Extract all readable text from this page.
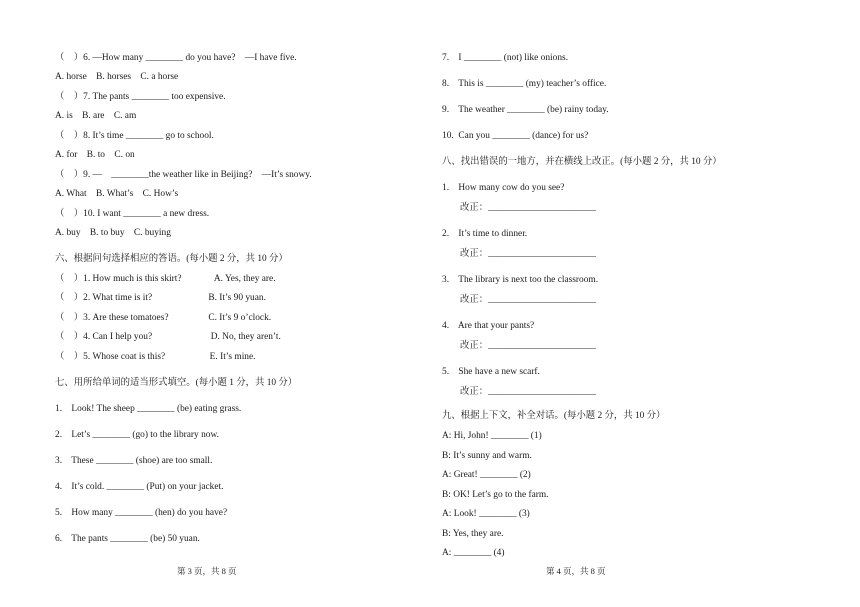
（    ）6. —How many ________ do you have?    —I have five.
A. horse    B. horses    C. a horse
（    ）7. The pants ________ too expensive.
A. is    B. are    C. am
（    ）8. It’s time ________ go to school.
A. for    B. to    C. on
（    ）9. —    ________the weather like in Beijing?    —It’s snowy.
A. What    B. What’s    C. How’s
（    ）10. I want ________ a new dress.
A. buy    B. to buy    C. buying
六、根据问句选择相应的答语。(每小题 2 分，共 10 分）
（    ）1. How much is this skirt?              A. Yes, they are.
（    ）2. What time is it?                        B. It’s 90 yuan.
（    ）3. Are these tomatoes?                 C. It’s 9 o’clock.
（    ）4. Can I help you?                         D. No, they aren’t.
（    ）5. Whose coat is this?                   E. It’s mine.
七、用所给单词的适当形式填空。(每小题 1 分，共 10 分）
1.    Look! The sheep ________ (be) eating grass.
2.    Let’s ________ (go) to the library now.
3.    These ________ (shoe) are too small.
4.    It’s cold. ________ (Put) on your jacket.
5.    How many ________ (hen) do you have?
6.    The pants ________ (be) 50 yuan.
第 3 页，共 8 页
7.    I ________ (not) like onions.
8.    This is ________ (my) teacher’s office.
9.    The weather ________ (be) rainy today.
10.  Can you ________ (dance) for us?
八、找出错误的一地方，并在横线上改正。(每小题 2 分，共 10 分）
1.    How many cow do you see?
改正：_______________________
2.    It’s time to dinner.
改正：_______________________
3.    The library is next too the classroom.
改正：_______________________
4.    Are that your pants?
改正：_______________________
5.    She have a new scarf.
改正：_______________________
九、根据上下文，补全对话。(每小题 2 分，共 10 分）
A: Hi, John! ________ (1)
B: It’s sunny and warm.
A: Great! ________ (2)
B: OK! Let’s go to the farm.
A: Look! ________ (3)
B: Yes, they are.
A: ________ (4)
第 4 页，共 8 页
